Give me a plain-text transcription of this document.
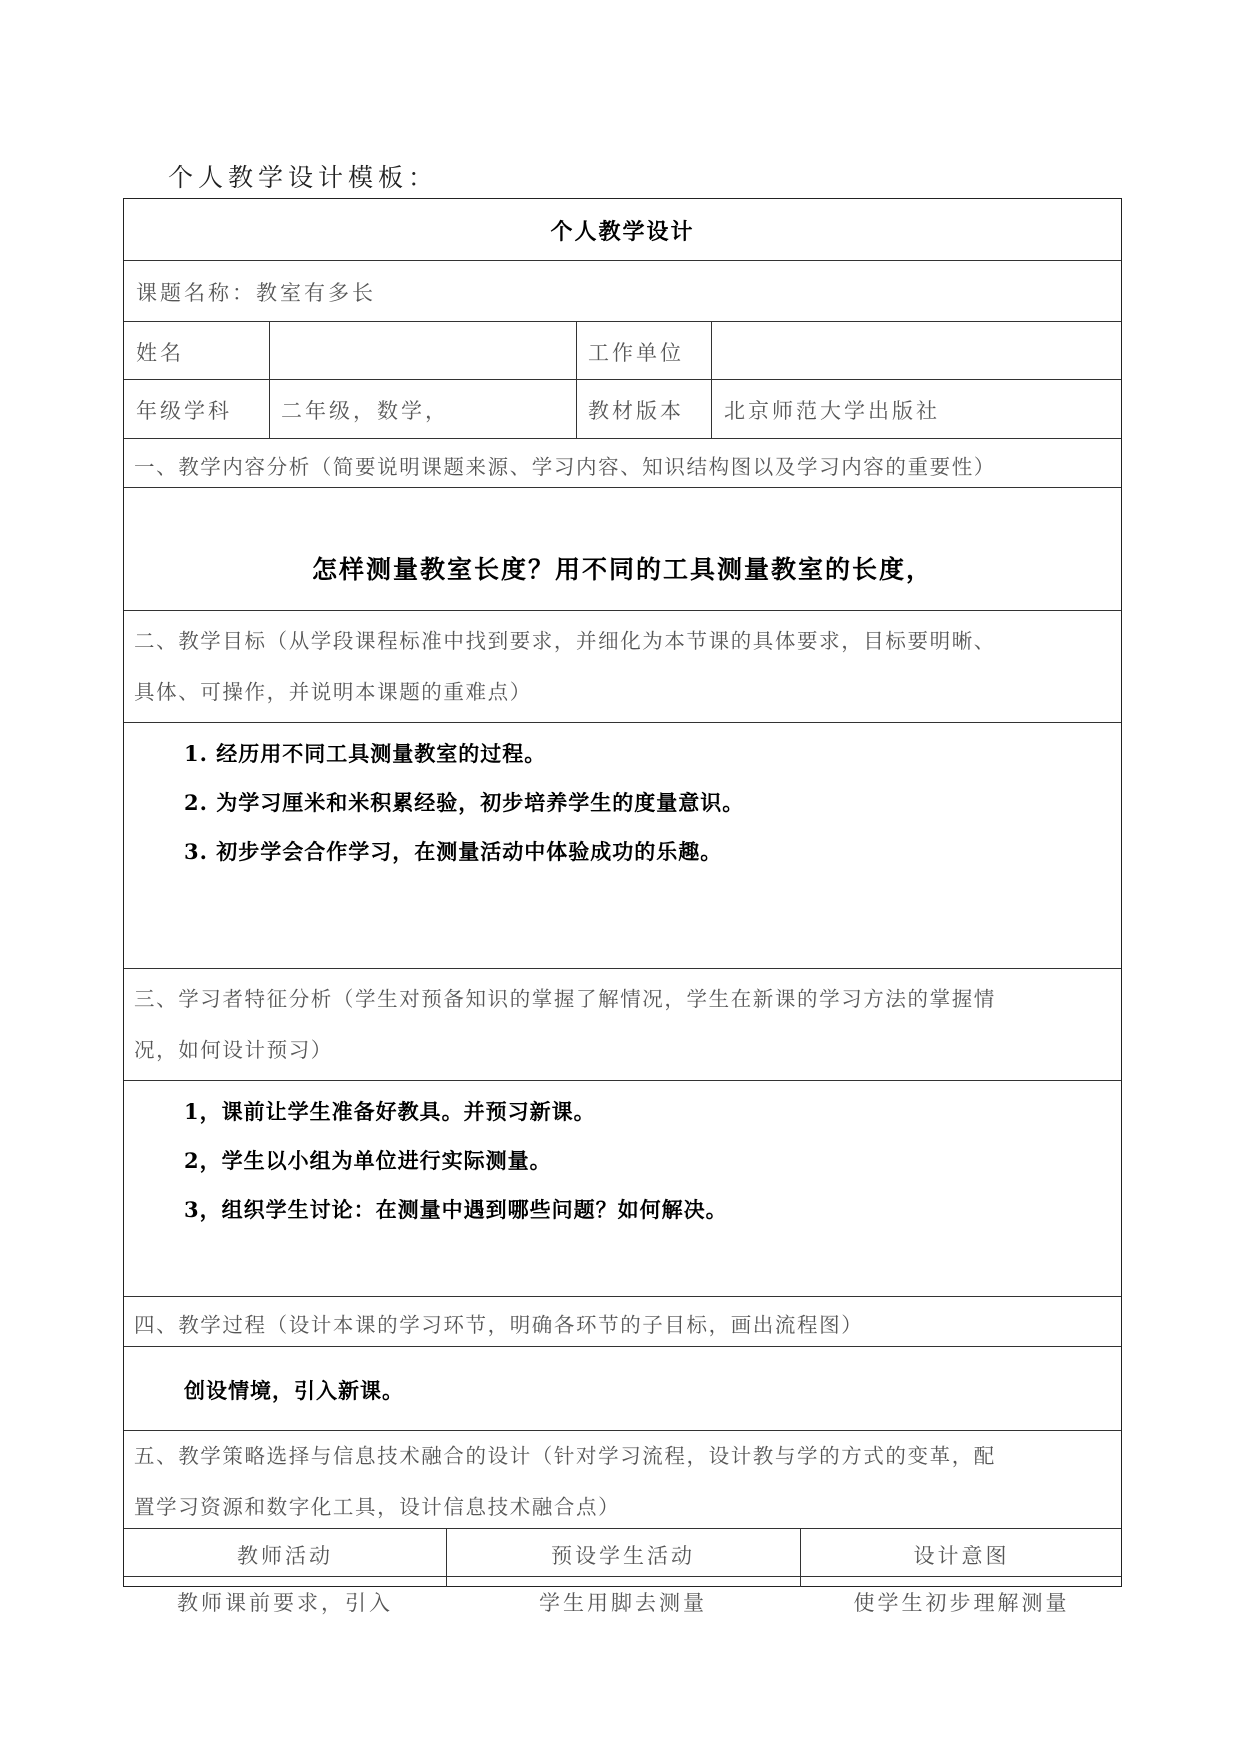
个人教学设计模板：
个人教学设计
课题名称：教室有多长
姓名	工作单位
年级学科 二年级，数学，	教材版本 北京师范大学出版社
一、教学内容分析（简要说明课题来源、学习内容、知识结构图以及学习内容的重要性）
怎样测量教室长度？用不同的工具测量教室的长度，
二、教学目标（从学段课程标准中找到要求，并细化为本节课的具体要求，目标要明晰、
具体、可操作，并说明本课题的重难点）
1. 经历用不同工具测量教室的过程。
2. 为学习厘米和米积累经验，初步培养学生的度量意识。
3. 初步学会合作学习，在测量活动中体验成功的乐趣。
三、学习者特征分析（学生对预备知识的掌握了解情况，学生在新课的学习方法的掌握情
况，如何设计预习）
1，课前让学生准备好教具。并预习新课。
2，学生以小组为单位进行实际测量。
3，组织学生讨论：在测量中遇到哪些问题？如何解决。
四、教学过程（设计本课的学习环节，明确各环节的子目标，画出流程图）
创设情境，引入新课。
五、教学策略选择与信息技术融合的设计（针对学习流程，设计教与学的方式的变革，配
置学习资源和数字化工具，设计信息技术融合点）
教师活动	预设学生活动	设计意图
教师课前要求，引入	学生用脚去测量	使学生初步理解测量
